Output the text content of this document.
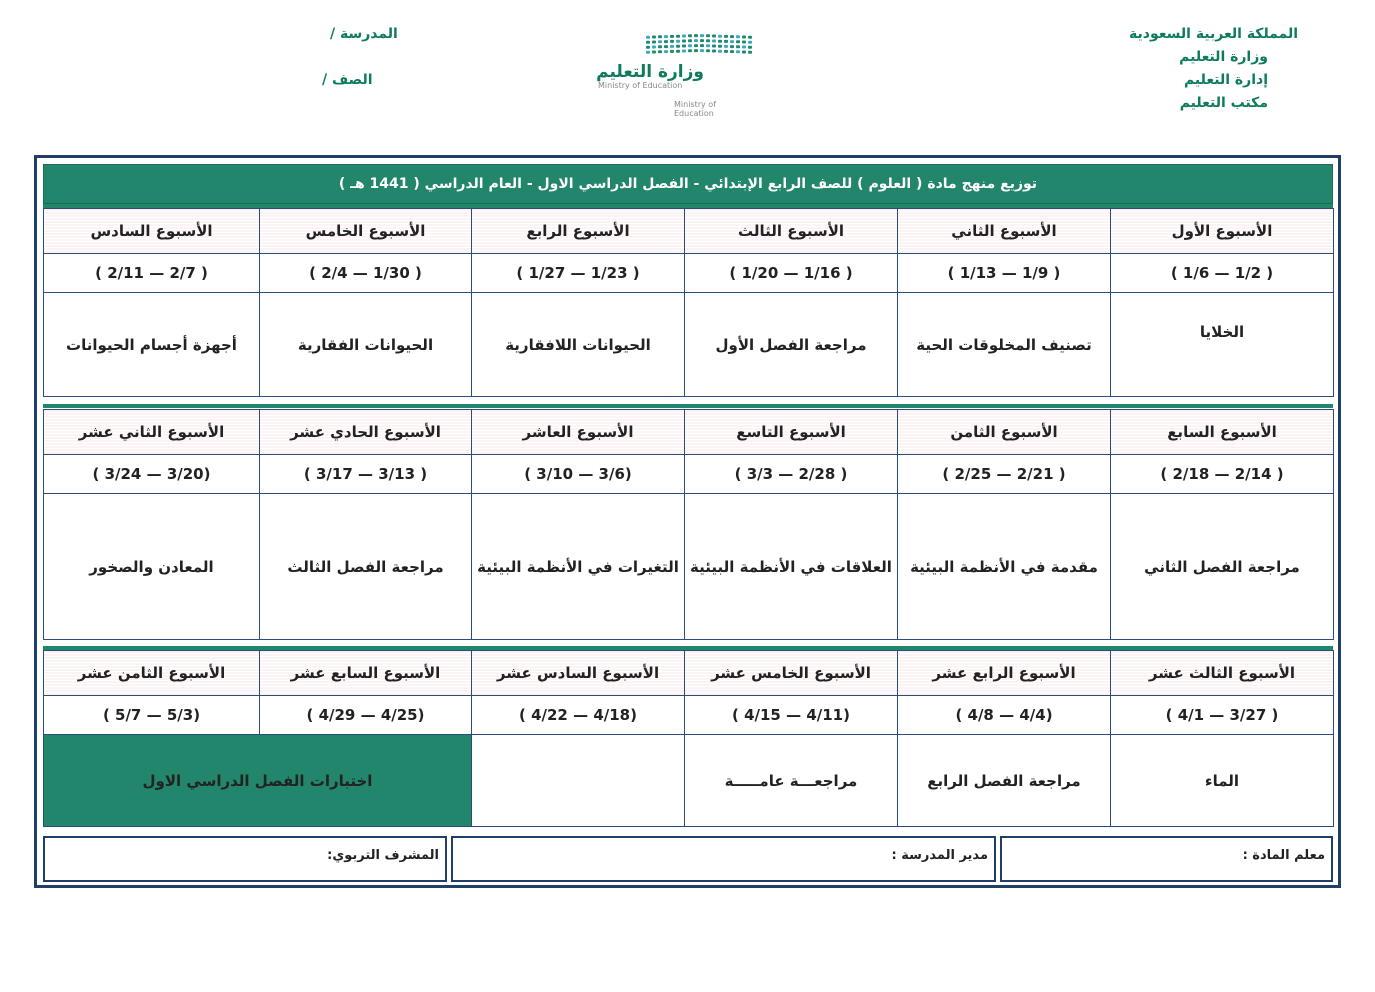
المملكة العربية السعودية
وزارة التعليم
إدارة التعليم
مكتب التعليم
المدرسة /
الصف /	وزارة التعليم
Ministry of Education
Ministry of Education
توزيع منهج مادة ( العلوم ) للصف الرابع الإبتدائي - الفصل الدراسي الاول - العام الدراسي ( 1441 هـ )
الأسبوع الأول	الأسبوع الثاني	الأسبوع الثالث	الأسبوع الرابع	الأسبوع الخامس	الأسبوع السادس
( 1/2 — 1/6 )	( 1/9 — 1/13 )	( 1/16 — 1/20 )	( 1/23 — 1/27 )	( 1/30 — 2/4 )	( 2/7 — 2/11 )
الخلايا	تصنيف المخلوقات الحية	مراجعة الفصل الأول	الحيوانات اللافقارية	الحيوانات الفقارية	أجهزة أجسام الحيوانات
الأسبوع السابع	الأسبوع الثامن	الأسبوع التاسع	الأسبوع العاشر	الأسبوع الحادي عشر	الأسبوع الثاني عشر
( 2/14 — 2/18 )	( 2/21 — 2/25 )	( 2/28 — 3/3 )	(3/6 — 3/10 )	( 3/13 — 3/17 )	(3/20 — 3/24 )
مراجعة الفصل الثاني	مقدمة في الأنظمة البيئية	العلاقات في الأنظمة البيئية	التغيرات في الأنظمة البيئية	مراجعة الفصل الثالث	المعادن والصخور
الأسبوع الثالث عشر	الأسبوع الرابع عشر	الأسبوع الخامس عشر	الأسبوع السادس عشر	الأسبوع السابع عشر	الأسبوع الثامن عشر
( 3/27 — 4/1 )	(4/4 — 4/8 )	(4/11 — 4/15 )	(4/18 — 4/22 )	(4/25 — 4/29 )	(5/3 — 5/7 )
الماء	مراجعة الفصل الرابع	مراجعـــة عامـــــة		اختبارات الفصل الدراسي الاول	
معلم المادة :
مدير المدرسة :
المشرف التربوي:
